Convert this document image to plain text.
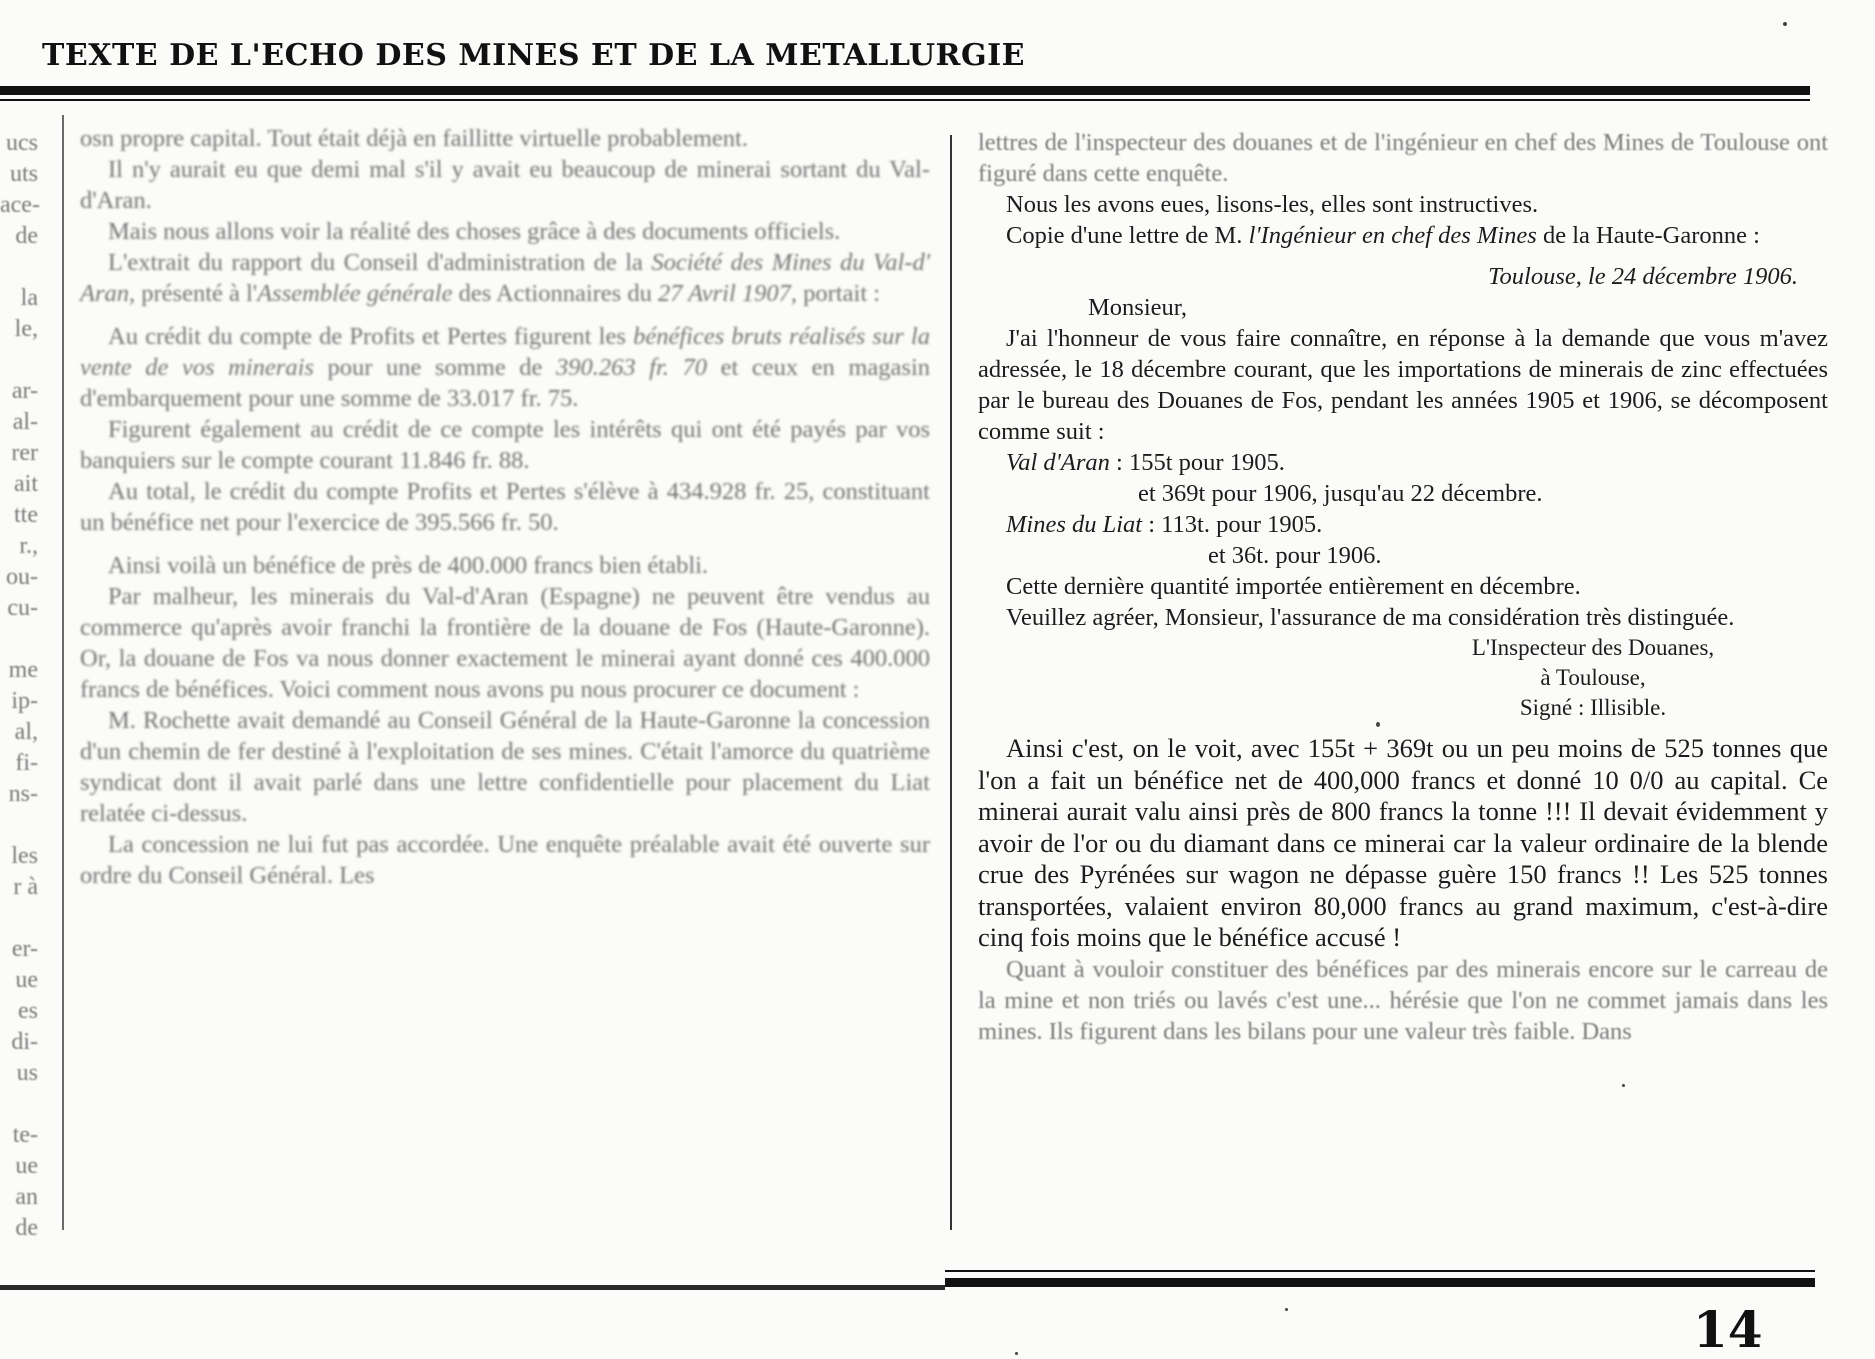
TEXTE DE L'ECHO DES MINES ET DE LA METALLURGIE
ucs
uts
ace-
de
la
le,
ar-
al-
rer
ait
tte
r.,
ou-
cu-
me
ip-
al,
fi-
ns-
les
r à
er-
ue
es
di-
us
te-
ue
an
de

osn propre capital. Tout était déjà en faillitte virtuelle probablement.

Il n'y aurait eu que demi mal s'il y avait eu beaucoup de minerai sortant du Val-d'Aran.

Mais nous allons voir la réalité des choses grâce à des documents officiels.

L'extrait du rapport du Conseil d'administration de la Société des Mines du Val-d' Aran, présenté à l'Assemblée générale des Actionnaires du 27 Avril 1907, portait :

Au crédit du compte de Profits et Pertes figurent les bénéfices bruts réalisés sur la vente de vos minerais pour une somme de 390.263 fr. 70 et ceux en magasin d'embarquement pour une somme de 33.017 fr. 75.

Figurent également au crédit de ce compte les intérêts qui ont été payés par vos banquiers sur le compte courant 11.846 fr. 88.

Au total, le crédit du compte Profits et Pertes s'élève à 434.928 fr. 25, constituant un bénéfice net pour l'exercice de 395.566 fr. 50.

Ainsi voilà un bénéfice de près de 400.000 francs bien établi.

Par malheur, les minerais du Val-d'Aran (Espagne) ne peuvent être vendus au commerce qu'après avoir franchi la frontière de la douane de Fos (Haute-Garonne). Or, la douane de Fos va nous donner exactement le minerai ayant donné ces 400.000 francs de bénéfices. Voici comment nous avons pu nous procurer ce document :

M. Rochette avait demandé au Conseil Général de la Haute-Garonne la concession d'un chemin de fer destiné à l'exploitation de ses mines. C'était l'amorce du quatrième syndicat dont il avait parlé dans une lettre confidentielle pour placement du Liat relatée ci-dessus.

La concession ne lui fut pas accordée. Une enquête préalable avait été ouverte sur ordre du Conseil Général. Les

lettres de l'inspecteur des douanes et de l'ingénieur en chef des Mines de Toulouse ont figuré dans cette enquête.

Nous les avons eues, lisons-les, elles sont instructives.

Copie d'une lettre de M. l'Ingénieur en chef des Mines de la Haute-Garonne :

Toulouse, le 24 décembre 1906.

Monsieur,

J'ai l'honneur de vous faire connaître, en réponse à la demande que vous m'avez adressée, le 18 décembre courant, que les importations de minerais de zinc effectuées par le bureau des Douanes de Fos, pendant les années 1905 et 1906, se décomposent comme suit :

Val d'Aran : 155t pour 1905.

et 369t pour 1906, jusqu'au 22 décembre.

Mines du Liat : 113t. pour 1905.

et 36t. pour 1906.

Cette dernière quantité importée entièrement en décembre.

Veuillez agréer, Monsieur, l'assurance de ma considération très distinguée.

L'Inspecteur des Douanes,
à Toulouse,
Signé : Illisible.

Ainsi c'est, on le voit, avec 155t + 369t ou un peu moins de 525 tonnes que l'on a fait un bénéfice net de 400,000 francs et donné 10 0/0 au capital. Ce minerai aurait valu ainsi près de 800 francs la tonne !!! Il devait évidemment y avoir de l'or ou du diamant dans ce minerai car la valeur ordinaire de la blende crue des Pyrénées sur wagon ne dépasse guère 150 francs !! Les 525 tonnes transportées, valaient environ 80,000 francs au grand maximum, c'est-à-dire cinq fois moins que le bénéfice accusé !

Quant à vouloir constituer des bénéfices par des minerais encore sur le carreau de la mine et non triés ou lavés c'est une... hérésie que l'on ne commet jamais dans les mines. Ils figurent dans les bilans pour une valeur très faible. Dans

14
